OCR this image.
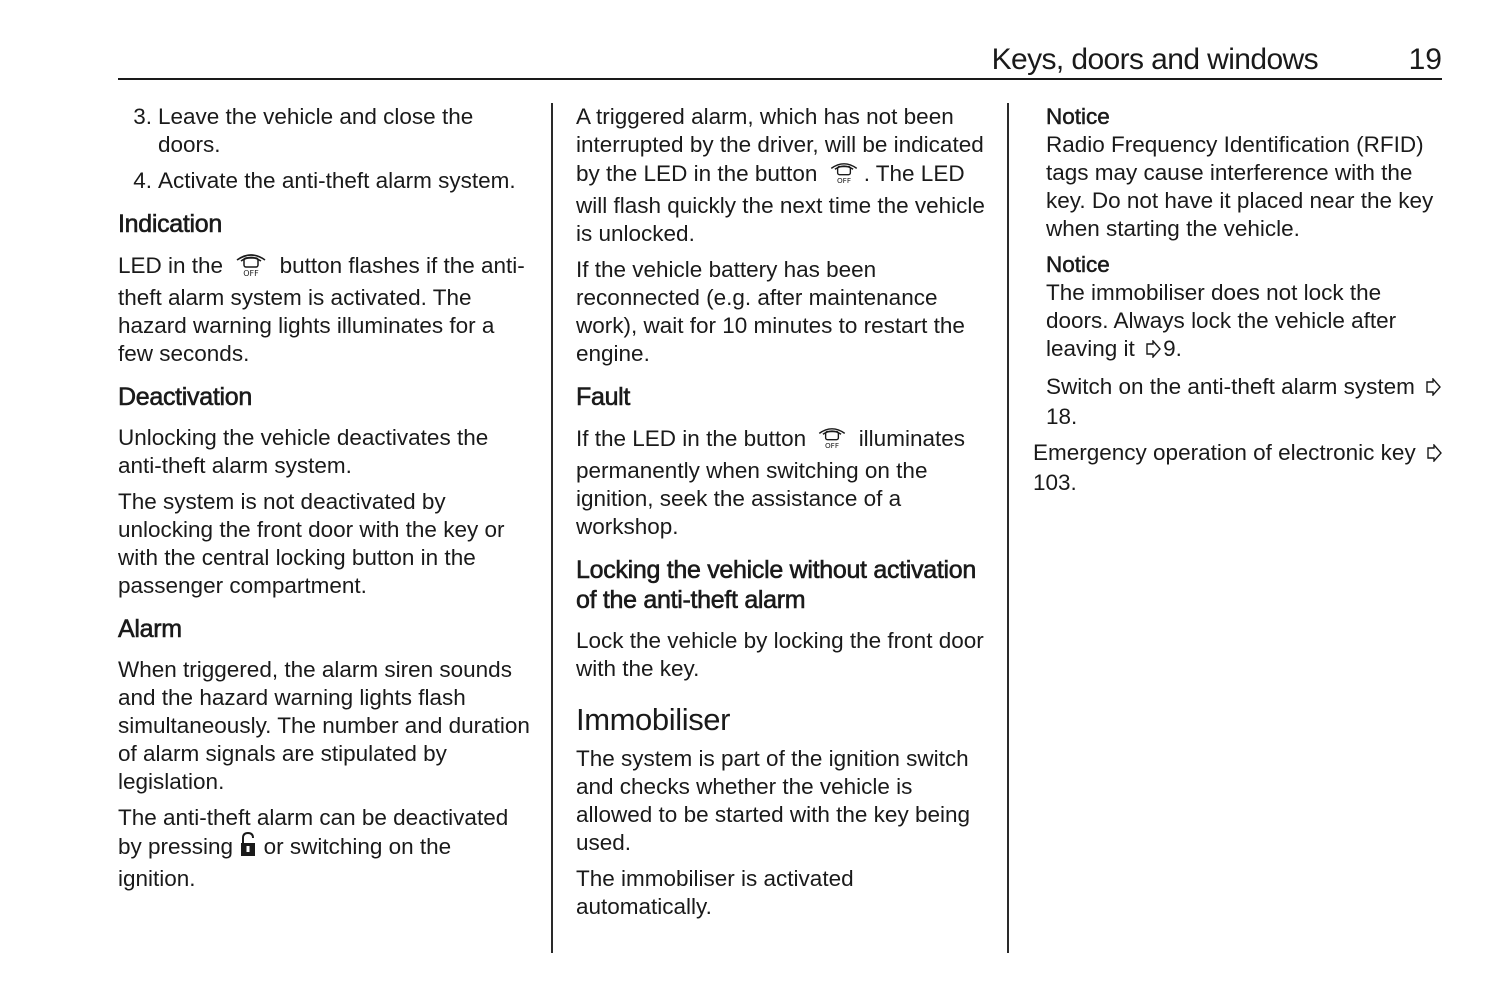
Keys, doors and windows	19
3. Leave the vehicle and close the doors.
4. Activate the anti-theft alarm system.
Indication

LED in the	OFF button flashes if the anti-theft alarm system is activated. The hazard warning lights illuminates for a few seconds.

Deactivation

Unlocking the vehicle deactivates the anti-theft alarm system.

The system is not deactivated by unlocking the front door with the key or with the central locking button in the passenger compartment.

Alarm

When triggered, the alarm siren sounds and the hazard warning lights flash simultaneously. The number and duration of alarm signals are stipulated by legislation.

The anti-theft alarm can be deactivated by pressing or switching on the ignition.

A triggered alarm, which has not been interrupted by the driver, will be indicated by the LED in the button OFF . The LED will flash quickly the next time the vehicle is unlocked.

If the vehicle battery has been reconnected (e.g. after maintenance work), wait for 10 minutes to restart the engine.

Fault

If the LED in the button OFF illuminates permanently when switching on the ignition, seek the assistance of a workshop.

Locking the vehicle without activation of the anti-theft alarm

Lock the vehicle by locking the front door with the key.

Immobiliser

The system is part of the ignition switch and checks whether the vehicle is allowed to be started with the key being used.

The immobiliser is activated automatically.

Notice
Radio Frequency Identification (RFID) tags may cause interference with the key. Do not have it placed near the key when starting the vehicle.
Notice
The immobiliser does not lock the doors. Always lock the vehicle after leaving it 9.

Switch on the anti-theft alarm system 18.

Emergency operation of electronic key 103.
